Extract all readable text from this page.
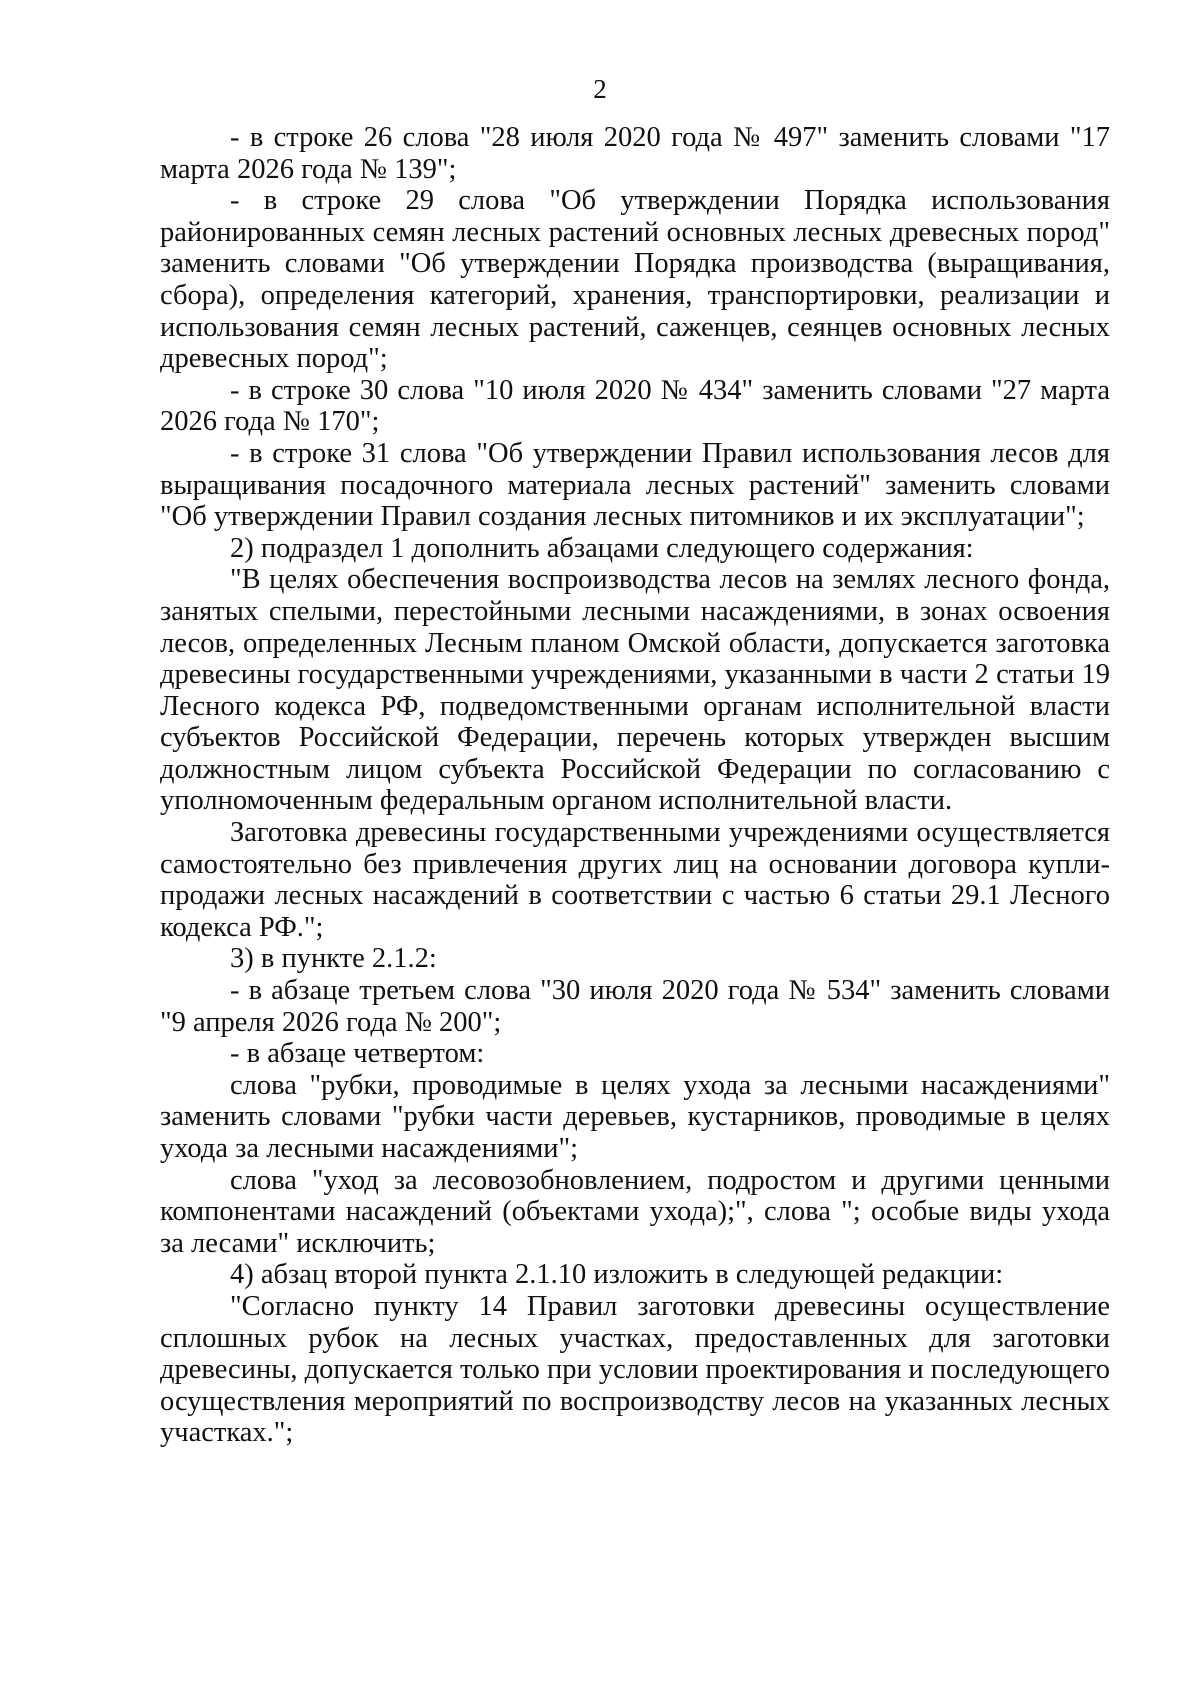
2

- в строке 26 слова "28 июля 2020 года № 497" заменить словами "17 марта 2026 года № 139";

- в строке 29 слова "Об утверждении Порядка использования районированных семян лесных растений основных лесных древесных пород" заменить словами "Об утверждении Порядка производства (выращивания, сбора), определения категорий, хранения, транспортировки, реализации и использования семян лесных растений, саженцев, сеянцев основных лесных древесных пород";

- в строке 30 слова "10 июля 2020 № 434" заменить словами "27 марта 2026 года № 170";

- в строке 31 слова "Об утверждении Правил использования лесов для выращивания посадочного материала лесных растений" заменить словами "Об утверждении Правил создания лесных питомников и их эксплуатации";

2) подраздел 1 дополнить абзацами следующего содержания:

"В целях обеспечения воспроизводства лесов на землях лесного фонда, занятых спелыми, перестойными лесными насаждениями, в зонах освоения лесов, определенных Лесным планом Омской области, допускается заготовка древесины государственными учреждениями, указанными в части 2 статьи 19 Лесного кодекса РФ, подведомственными органам исполнительной власти субъектов Российской Федерации, перечень которых утвержден высшим должностным лицом субъекта Российской Федерации по согласованию с уполномоченным федеральным органом исполнительной власти.

Заготовка древесины государственными учреждениями осуществляется самостоятельно без привлечения других лиц на основании договора купли-продажи лесных насаждений в соответствии с частью 6 статьи 29.1 Лесного кодекса РФ.";

3) в пункте 2.1.2:

- в абзаце третьем слова "30 июля 2020 года № 534" заменить словами "9 апреля 2026 года № 200";

- в абзаце четвертом:

слова "рубки, проводимые в целях ухода за лесными насаждениями" заменить словами "рубки части деревьев, кустарников, проводимые в целях ухода за лесными насаждениями";

слова "уход за лесовозобновлением, подростом и другими ценными компонентами насаждений (объектами ухода);", слова "; особые виды ухода за лесами" исключить;

4) абзац второй пункта 2.1.10 изложить в следующей редакции:

"Согласно пункту 14 Правил заготовки древесины осуществление сплошных рубок на лесных участках, предоставленных для заготовки древесины, допускается только при условии проектирования и последующего осуществления мероприятий по воспроизводству лесов на указанных лесных участках.";
